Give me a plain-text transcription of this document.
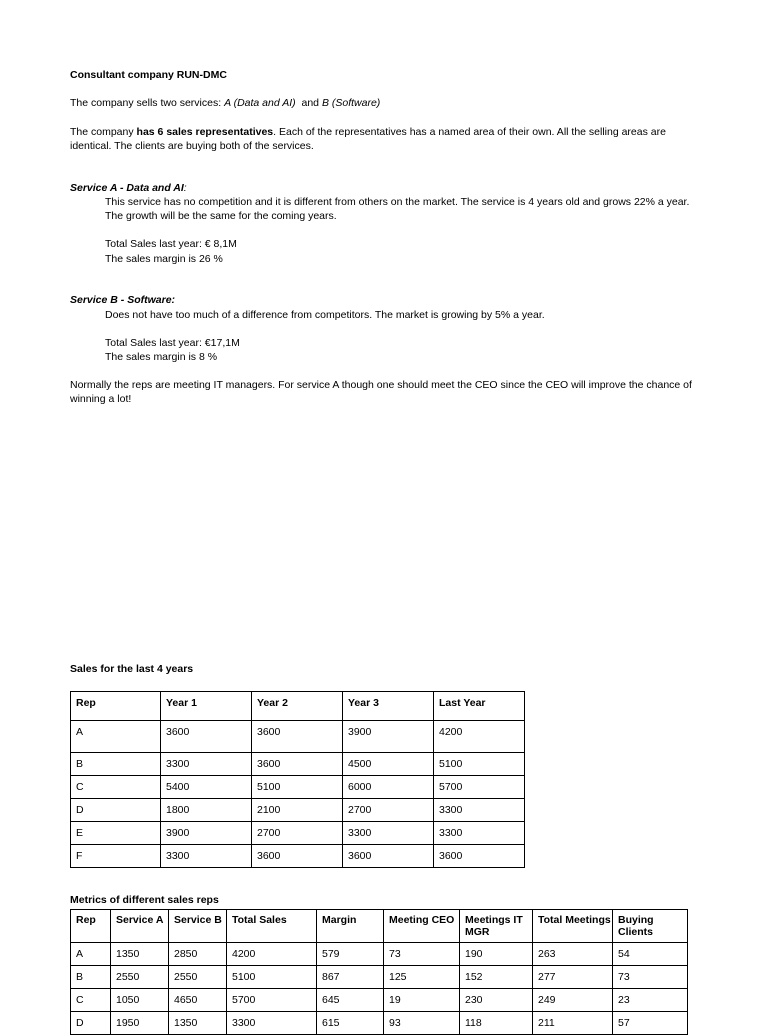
Consultant company RUN-DMC
The company sells two services: A (Data and AI)  and B (Software)
The company has 6 sales representatives. Each of the representatives has a named area of their own. All the selling areas are identical. The clients are buying both of the services.
Service A - Data and AI:
This service has no competition and it is different from others on the market. The service is 4 years old and grows 22% a year. The growth will be the same for the coming years.
Total Sales last year: € 8,1M
The sales margin is 26 %
Service B - Software:
Does not have too much of a difference from competitors. The market is growing by 5% a year.
Total Sales last year: €17,1M
The sales margin is 8 %
Normally the reps are meeting IT managers. For service A though one should meet the CEO since the CEO will improve the chance of winning a lot!
Sales for the last 4 years
Rep	Year 1	Year 2	Year 3	Last Year
A	3600	3600	3900	4200
B	3300	3600	4500	5100
C	5400	5100	6000	5700
D	1800	2100	2700	3300
E	3900	2700	3300	3300
F	3300	3600	3600	3600
Metrics of different sales reps
Rep	Service A	Service B	Total Sales	Margin	Meeting CEO	Meetings IT MGR	Total Meetings	Buying Clients
A	1350	2850	4200	579	73	190	263	54
B	2550	2550	5100	867	125	152	277	73
C	1050	4650	5700	645	19	230	249	23
D	1950	1350	3300	615	93	118	211	57
